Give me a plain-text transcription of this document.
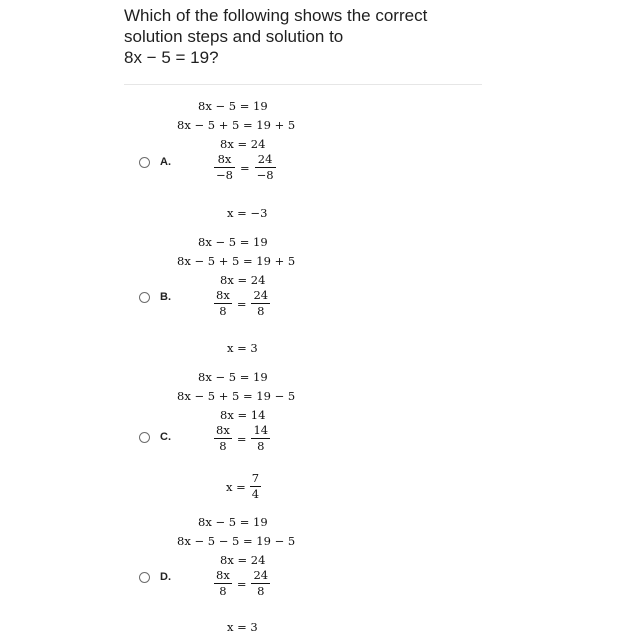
Which of the following shows the correct
solution steps and solution to
8x − 5 = 19?
8x − 5 = 19
8x − 5 + 5 = 19 + 5
8x = 24
A.	$\frac{8x}{-8} = \frac{24}{-8}$
x = −3
8x − 5 = 19
8x − 5 + 5 = 19 + 5
8x = 24
B.	$\frac{8x}{8} = \frac{24}{8}$
x = 3
8x − 5 = 19
8x − 5 + 5 = 19 − 5
8x = 14
C.	$\frac{8x}{8} = \frac{14}{8}$
$x = \frac{7}{4}$
8x − 5 = 19
8x − 5 − 5 = 19 − 5
8x = 24
D.	$\frac{8x}{8} = \frac{24}{8}$
x = 3
